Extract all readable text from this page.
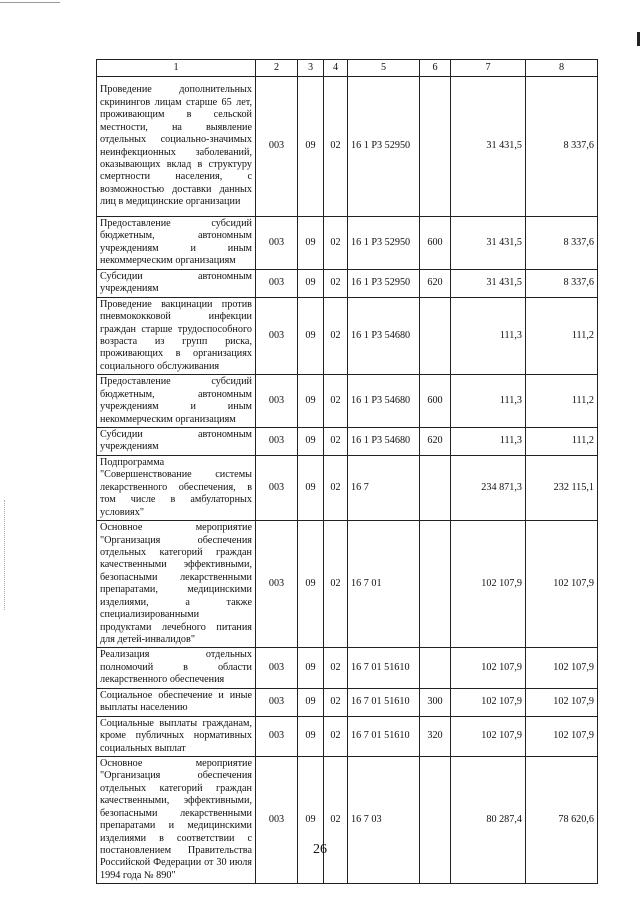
1	2	3	4	5	6	7	8
Проведение дополнительных скринингов лицам старше 65 лет, проживающим в сельской местности, на выявление отдельных социально-значимых неинфекционных заболеваний, оказывающих вклад в структуру смертности населения, с возможностью доставки данных лиц в медицинские организации	003	09	02	16 1 P3 52950		31 431,5	8 337,6
Предоставление субсидий бюджетным, автономным учреждениям и иным некоммерческим организациям	003	09	02	16 1 P3 52950	600	31 431,5	8 337,6
Субсидии автономным учреждениям	003	09	02	16 1 P3 52950	620	31 431,5	8 337,6
Проведение вакцинации против пневмококковой инфекции граждан старше трудоспособного возраста из групп риска, проживающих в организациях социального обслуживания	003	09	02	16 1 P3 54680		111,3	111,2
Предоставление субсидий бюджетным, автономным учреждениям и иным некоммерческим организациям	003	09	02	16 1 P3 54680	600	111,3	111,2
Субсидии автономным учреждениям	003	09	02	16 1 P3 54680	620	111,3	111,2
Подпрограмма "Совершенствование системы лекарственного обеспечения, в том числе в амбулаторных условиях"	003	09	02	16 7		234 871,3	232 115,1
Основное мероприятие "Организация обеспечения отдельных категорий граждан качественными эффективными, безопасными лекарственными препаратами, медицинскими изделиями, а также специализированными продуктами лечебного питания для детей-инвалидов"	003	09	02	16 7 01		102 107,9	102 107,9
Реализация отдельных полномочий в области лекарственного обеспечения	003	09	02	16 7 01 51610		102 107,9	102 107,9
Социальное обеспечение и иные выплаты населению	003	09	02	16 7 01 51610	300	102 107,9	102 107,9
Социальные выплаты гражданам, кроме публичных нормативных социальных выплат	003	09	02	16 7 01 51610	320	102 107,9	102 107,9
Основное мероприятие "Организация обеспечения отдельных категорий граждан качественными, эффективными, безопасными лекарственными препаратами и медицинскими изделиями в соответствии с постановлением Правительства Российской Федерации от 30 июля 1994 года № 890"	003	09	02	16 7 03		80 287,4	78 620,6
26
